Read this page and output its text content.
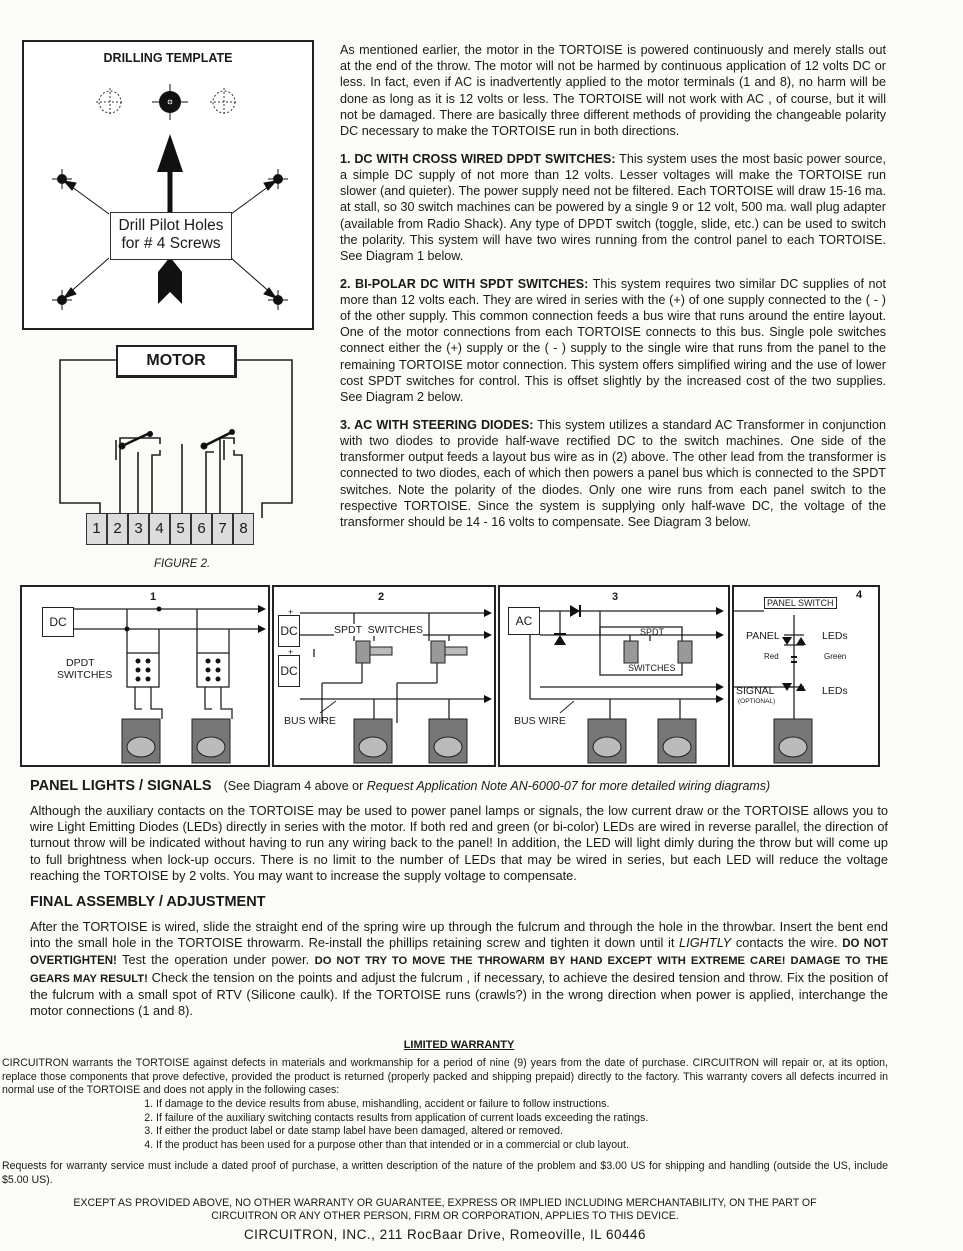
DRILLING TEMPLATE
Drill Pilot Holes
for # 4 Screws
MOTOR
1 2 3 4 5 6 7 8
FIGURE 2.

As mentioned earlier, the motor in the TORTOISE is powered continuously and merely stalls out at the end of the throw. The motor will not be harmed by continuous application of 12 volts DC or less. In fact, even if AC is inadvertently applied to the motor terminals (1 and 8), no harm will be done as long as it is 12 volts or less. The TORTOISE will not work with AC , of course, but it will not be damaged. There are basically three different methods of providing the changeable polarity DC necessary to make the TORTOISE run in both directions.

1. DC WITH CROSS WIRED DPDT SWITCHES: This system uses the most basic power source, a simple DC supply of not more than 12 volts. Lesser voltages will make the TORTOISE run slower (and quieter). The power supply need not be filtered. Each TORTOISE will draw 15-16 ma. at stall, so 30 switch machines can be powered by a single 9 or 12 volt, 500 ma. wall plug adapter (available from Radio Shack). Any type of DPDT switch (toggle, slide, etc.) can be used to switch the polarity. This system will have two wires running from the control panel to each TORTOISE. See Diagram 1 below.

2. BI-POLAR DC WITH SPDT SWITCHES: This system requires two similar DC supplies of not more than 12 volts each. They are wired in series with the (+) of one supply connected to the ( - ) of the other supply. This common connection feeds a bus wire that runs around the entire layout. One of the motor connections from each TORTOISE connects to this bus. Single pole switches connect either the (+) supply or the ( - ) supply to the single wire that runs from the panel to the remaining TORTOISE motor connection. This system offers simplified wiring and the use of lower cost SPDT switches for control. This is offset slightly by the increased cost of the two supplies. See Diagram 2 below.

3. AC WITH STEERING DIODES: This system utilizes a standard AC Transformer in conjunction with two diodes to provide half-wave rectified DC to the switch machines. One side of the transformer output feeds a layout bus wire as in (2) above. The other lead from the transformer is connected to two diodes, each of which then powers a panel bus which is connected to the SPDT switches. Note the polarity of the diodes. Only one wire runs from each panel switch to the respective TORTOISE. Since the system is supplying only half-wave DC, the voltage of the transformer should be 14 - 16 volts to compensate. See Diagram 3 below.

DC
1
DPDT
SWITCHES
DC
DC
+
+
2
SPDT  SWITCHES
BUS WIRE
AC
3
SPDT
SWITCHES
BUS WIRE
PANEL SWITCH
4
PANEL	LEDs
Red	Green
SIGNAL
(OPTIONAL)
LEDs
PANEL LIGHTS / SIGNALS (See Diagram 4 above or Request Application Note AN-6000-07 for more detailed wiring diagrams)

Although the auxiliary contacts on the TORTOISE may be used to power panel lamps or signals, the low current draw or the TORTOISE allows you to wire Light Emitting Diodes (LEDs) directly in series with the motor. If both red and green (or bi-color) LEDs are wired in reverse parallel, the direction of turnout throw will be indicated without having to run any wiring back to the panel! In addition, the LED will light dimly during the throw but will come up to full brightness when lock-up occurs. There is no limit to the number of LEDs that may be wired in series, but each LED will reduce the voltage reaching the TORTOISE by 2 volts. You may want to increase the supply voltage to compensate.

FINAL ASSEMBLY / ADJUSTMENT

After the TORTOISE is wired, slide the straight end of the spring wire up through the fulcrum and through the hole in the throwbar. Insert the bent end into the small hole in the TORTOISE throwarm. Re-install the phillips retaining screw and tighten it down until it LIGHTLY contacts the wire. DO NOT OVERTIGHTEN! Test the operation under power. DO NOT TRY TO MOVE THE THROWARM BY HAND EXCEPT WITH EXTREME CARE! DAMAGE TO THE GEARS MAY RESULT! Check the tension on the points and adjust the fulcrum , if necessary, to achieve the desired tension and throw. Fix the position of the fulcrum with a small spot of RTV (Silicone caulk). If the TORTOISE runs (crawls?) in the wrong direction when power is applied, interchange the motor connections (1 and 8).

LIMITED WARRANTY

CIRCUITRON warrants the TORTOISE against defects in materials and workmanship for a period of nine (9) years from the date of purchase. CIRCUITRON will repair or, at its option, replace those components that prove defective, provided the product is returned (properly packed and shipping prepaid) directly to the factory. This warranty covers all defects incurred in normal use of the TORTOISE and does not apply in the following cases:

1. If damage to the device results from abuse, mishandling, accident or failure to follow instructions.
2. If failure of the auxiliary switching contacts results from application of current loads exceeding the ratings.
3. If either the product label or date stamp label have been damaged, altered or removed.
4. If the product has been used for a purpose other than that intended or in a commercial or club layout.

Requests for warranty service must include a dated proof of purchase, a written description of the nature of the problem and $3.00 US for shipping and handling (outside the US, include $5.00 US).

EXCEPT AS PROVIDED ABOVE, NO OTHER WARRANTY OR GUARANTEE, EXPRESS OR IMPLIED INCLUDING MERCHANTABILITY, ON THE PART OF
CIRCUITRON OR ANY OTHER PERSON, FIRM OR CORPORATION, APPLIES TO THIS DEVICE.
CIRCUITRON, INC., 211 RocBaar Drive, Romeoville, IL 60446
